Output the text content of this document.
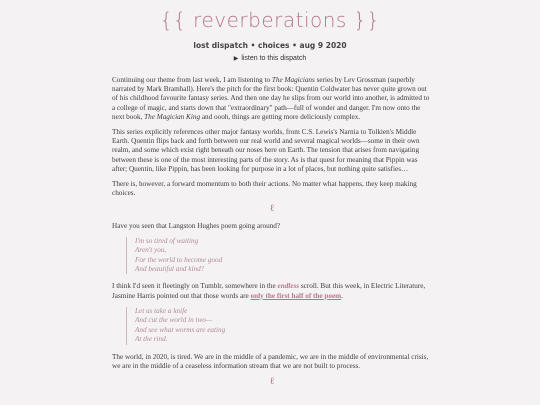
{{ reverberations }}
lost dispatch • choices • aug 9 2020
▶ listen to this dispatch

Continuing our theme from last week, I am listening to The Magicians series by Lev Grossman (superbly narrated by Mark Bramhall). Here's the pitch for the first book: Quentin Coldwater has never quite grown out of his childhood favourite fantasy series. And then one day he slips from our world into another, is admitted to a college of magic, and starts down that "extraordinary" path—full of wonder and danger. I'm now onto the next book, The Magician King and oooh, things are getting more deliciously complex.

This series explicitly references other major fantasy worlds, from C.S. Lewis's Narnia to Tolkien's Middle Earth. Quentin flips back and forth between our real world and several magical worlds—some in their own realm, and some which exist right beneath our noses here on Earth. The tension that arises from navigating between these is one of the most interesting parts of the story. As is that quest for meaning that Pippin was after; Quentin, like Pippin, has been looking for purpose in a lot of places, but nothing quite satisfies…

There is, however, a forward momentum to both their actions. No matter what happens, they keep making choices.

ℓ

Have you seen that Langston Hughes poem going around?

I'm so tired of waiting
Aren't you,
For the world to become good
And beautiful and kind?

I think I'd seen it fleetingly on Tumblr, somewhere in the endless scroll. But this week, in Electric Literature, Jasmine Harris pointed out that those words are only the first half of the poem.

Let us take a knife
And cut the world in two—
And see what worms are eating
At the rind.

The world, in 2020, is tired. We are in the middle of a pandemic, we are in the middle of environmental crisis, we are in the middle of a ceaseless information stream that we are not built to process.

ℓ
